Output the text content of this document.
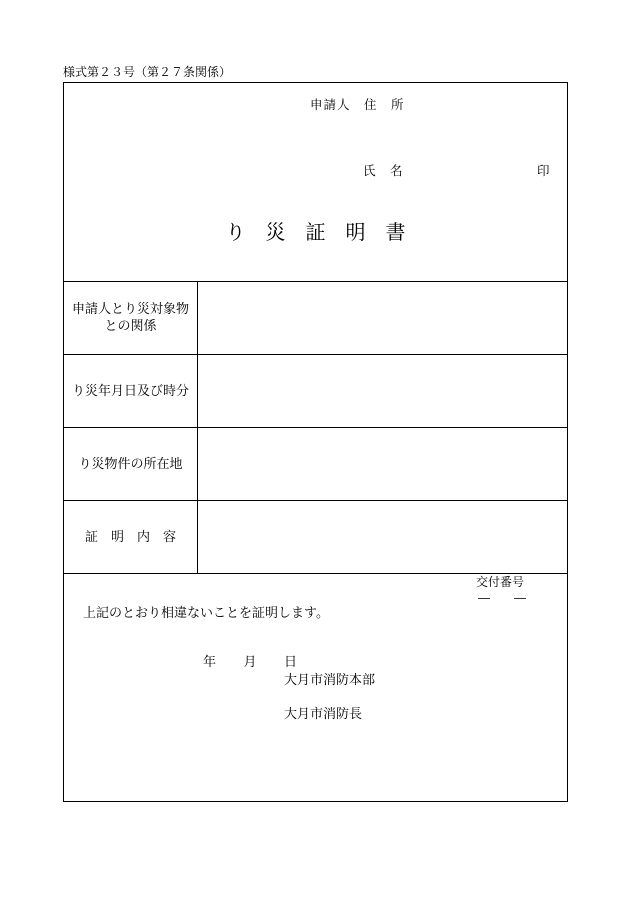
様式第２３号（第２７条関係）
申請人　住　所
氏　名	印
り　災　証　明　書
申請人とり災対象物
との関係
り災年月日及び時分
り災物件の所在地
証　明　内　容
交付番号
―　　―
上記のとおり相違ないことを証明します。
年　　月　　日
大月市消防本部
大月市消防長
